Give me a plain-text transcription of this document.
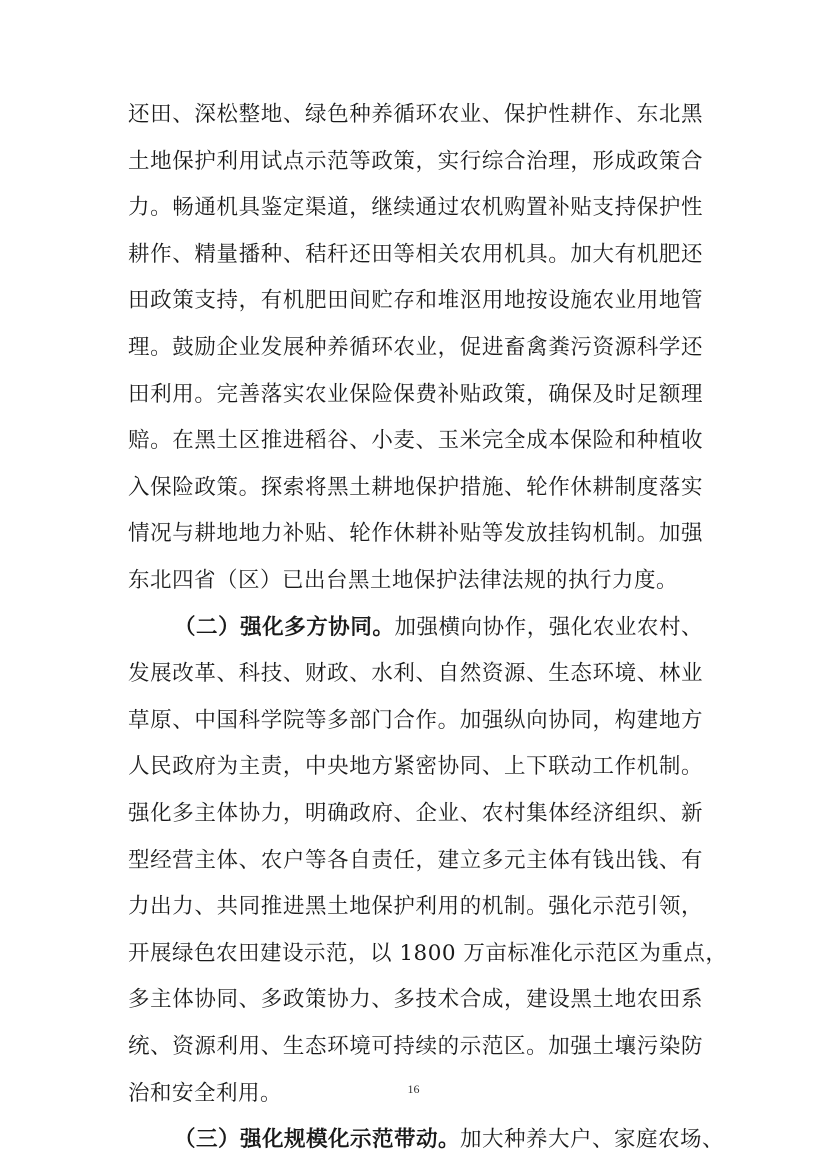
还田、深松整地、绿色种养循环农业、保护性耕作、东北黑
土地保护利用试点示范等政策，实行综合治理，形成政策合
力。畅通机具鉴定渠道，继续通过农机购置补贴支持保护性
耕作、精量播种、秸秆还田等相关农用机具。加大有机肥还
田政策支持，有机肥田间贮存和堆沤用地按设施农业用地管
理。鼓励企业发展种养循环农业，促进畜禽粪污资源科学还
田利用。完善落实农业保险保费补贴政策，确保及时足额理
赔。在黑土区推进稻谷、小麦、玉米完全成本保险和种植收
入保险政策。探索将黑土耕地保护措施、轮作休耕制度落实
情况与耕地地力补贴、轮作休耕补贴等发放挂钩机制。加强
东北四省（区）已出台黑土地保护法律法规的执行力度。
（二）强化多方协同。加强横向协作，强化农业农村、
发展改革、科技、财政、水利、自然资源、生态环境、林业
草原、中国科学院等多部门合作。加强纵向协同，构建地方
人民政府为主责，中央地方紧密协同、上下联动工作机制。
强化多主体协力，明确政府、企业、农村集体经济组织、新
型经营主体、农户等各自责任，建立多元主体有钱出钱、有
力出力、共同推进黑土地保护利用的机制。强化示范引领，
开展绿色农田建设示范，以 1800 万亩标准化示范区为重点，
多主体协同、多政策协力、多技术合成，建设黑土地农田系
统、资源利用、生态环境可持续的示范区。加强土壤污染防
治和安全利用。
（三）强化规模化示范带动。加大种养大户、家庭农场、
16
